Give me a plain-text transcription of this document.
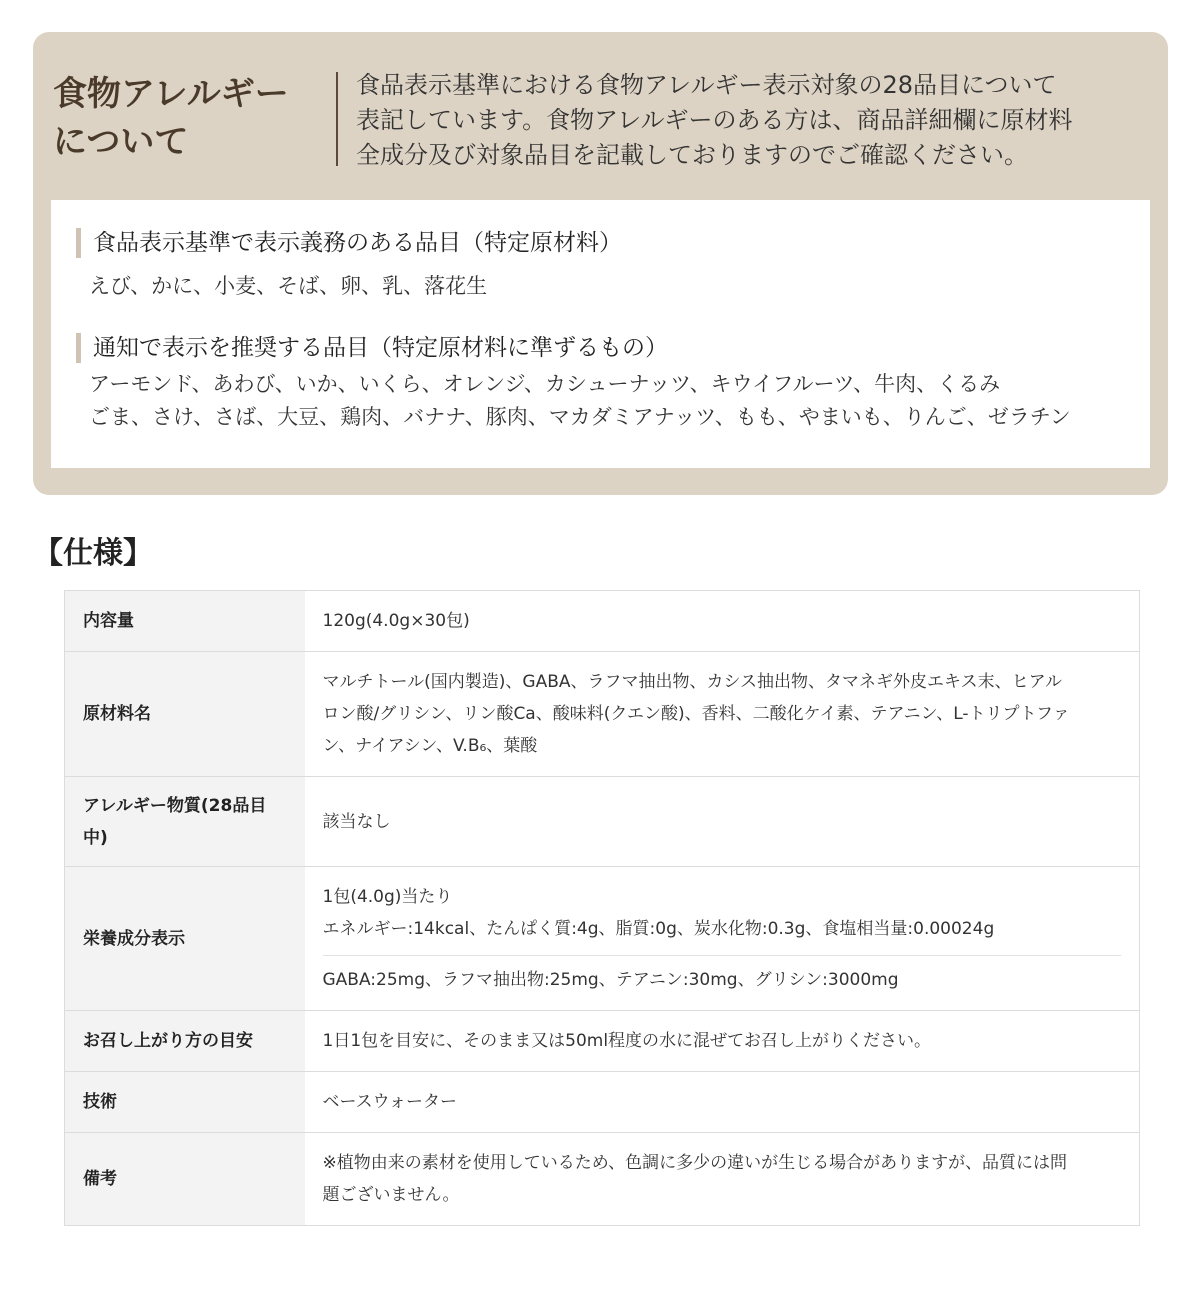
食物アレルギー
について
食品表示基準における食物アレルギー表示対象の28品目について
表記しています。食物アレルギーのある方は、商品詳細欄に原材料
全成分及び対象品目を記載しておりますのでご確認ください。
食品表示基準で表示義務のある品目（特定原材料）
えび、かに、小麦、そば、卵、乳、落花生
通知で表示を推奨する品目（特定原材料に準ずるもの）
アーモンド、あわび、いか、いくら、オレンジ、カシューナッツ、キウイフルーツ、牛肉、くるみ
ごま、さけ、さば、大豆、鶏肉、バナナ、豚肉、マカダミアナッツ、もも、やまいも、りんご、ゼラチン
【仕様】
内容量	120g(4.0g×30包)

原材料名	マルチトール(国内製造)、GABA、ラフマ抽出物、カシス抽出物、タマネギ外皮エキス末、ヒアル
ロン酸/グリシン、リン酸Ca、酸味料(クエン酸)、香料、二酸化ケイ素、テアニン、L-トリプトファ
ン、ナイアシン、V.B₆、葉酸

アレルギー物質(28品目中)	該当なし

栄養成分表示	1包(4.0g)当たり
エネルギー:14kcal、たんぱく質:4g、脂質:0g、炭水化物:0.3g、食塩相当量:0.00024g
GABA:25mg、ラフマ抽出物:25mg、テアニン:30mg、グリシン:3000mg

お召し上がり方の目安	1日1包を目安に、そのまま又は50ml程度の水に混ぜてお召し上がりください。

技術	ベースウォーター

備考	※植物由来の素材を使用しているため、色調に多少の違いが生じる場合がありますが、品質には問
題ございません。
